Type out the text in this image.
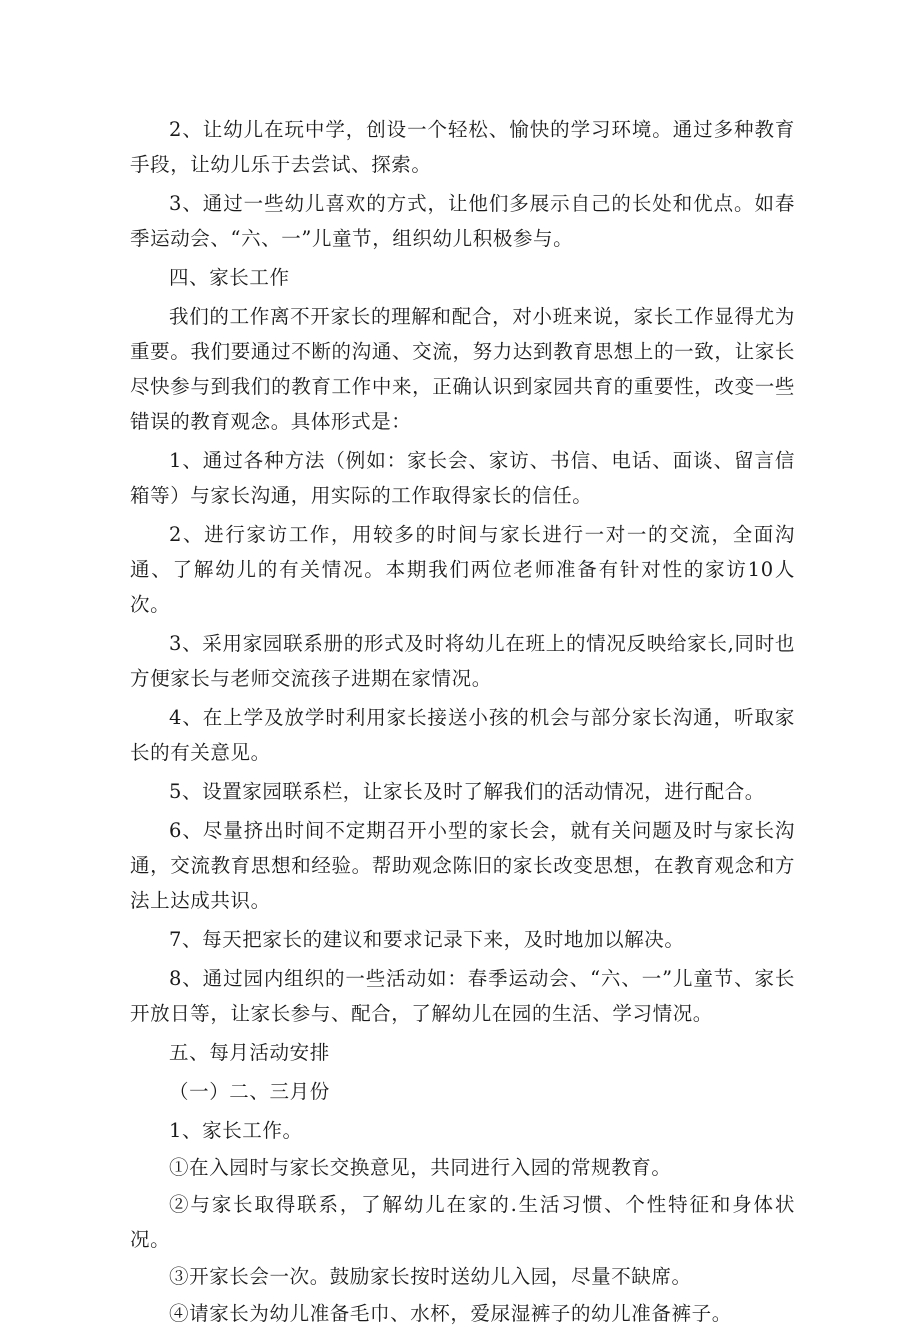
2、让幼儿在玩中学，创设一个轻松、愉快的学习环境。通过多种教育手段，让幼儿乐于去尝试、探索。

3、通过一些幼儿喜欢的方式，让他们多展示自己的长处和优点。如春季运动会、“六、一”儿童节，组织幼儿积极参与。

四、家长工作

我们的工作离不开家长的理解和配合，对小班来说，家长工作显得尤为重要。我们要通过不断的沟通、交流，努力达到教育思想上的一致，让家长尽快参与到我们的教育工作中来，正确认识到家园共育的重要性，改变一些错误的教育观念。具体形式是：

1、通过各种方法（例如：家长会、家访、书信、电话、面谈、留言信箱等）与家长沟通，用实际的工作取得家长的信任。

2、进行家访工作，用较多的时间与家长进行一对一的交流，全面沟通、了解幼儿的有关情况。本期我们两位老师准备有针对性的家访10人次。

3、采用家园联系册的形式及时将幼儿在班上的情况反映给家长,同时也方便家长与老师交流孩子进期在家情况。

4、在上学及放学时利用家长接送小孩的机会与部分家长沟通，听取家长的有关意见。

5、设置家园联系栏，让家长及时了解我们的活动情况，进行配合。

6、尽量挤出时间不定期召开小型的家长会，就有关问题及时与家长沟通，交流教育思想和经验。帮助观念陈旧的家长改变思想，在教育观念和方法上达成共识。

7、每天把家长的建议和要求记录下来，及时地加以解决。

8、通过园内组织的一些活动如：春季运动会、“六、一”儿童节、家长开放日等，让家长参与、配合，了解幼儿在园的生活、学习情况。

五、每月活动安排

（一）二、三月份

1、家长工作。

①在入园时与家长交换意见，共同进行入园的常规教育。

②与家长取得联系，了解幼儿在家的.生活习惯、个性特征和身体状况。

③开家长会一次。鼓励家长按时送幼儿入园，尽量不缺席。

④请家长为幼儿准备毛巾、水杯，爱尿湿裤子的幼儿准备裤子。
